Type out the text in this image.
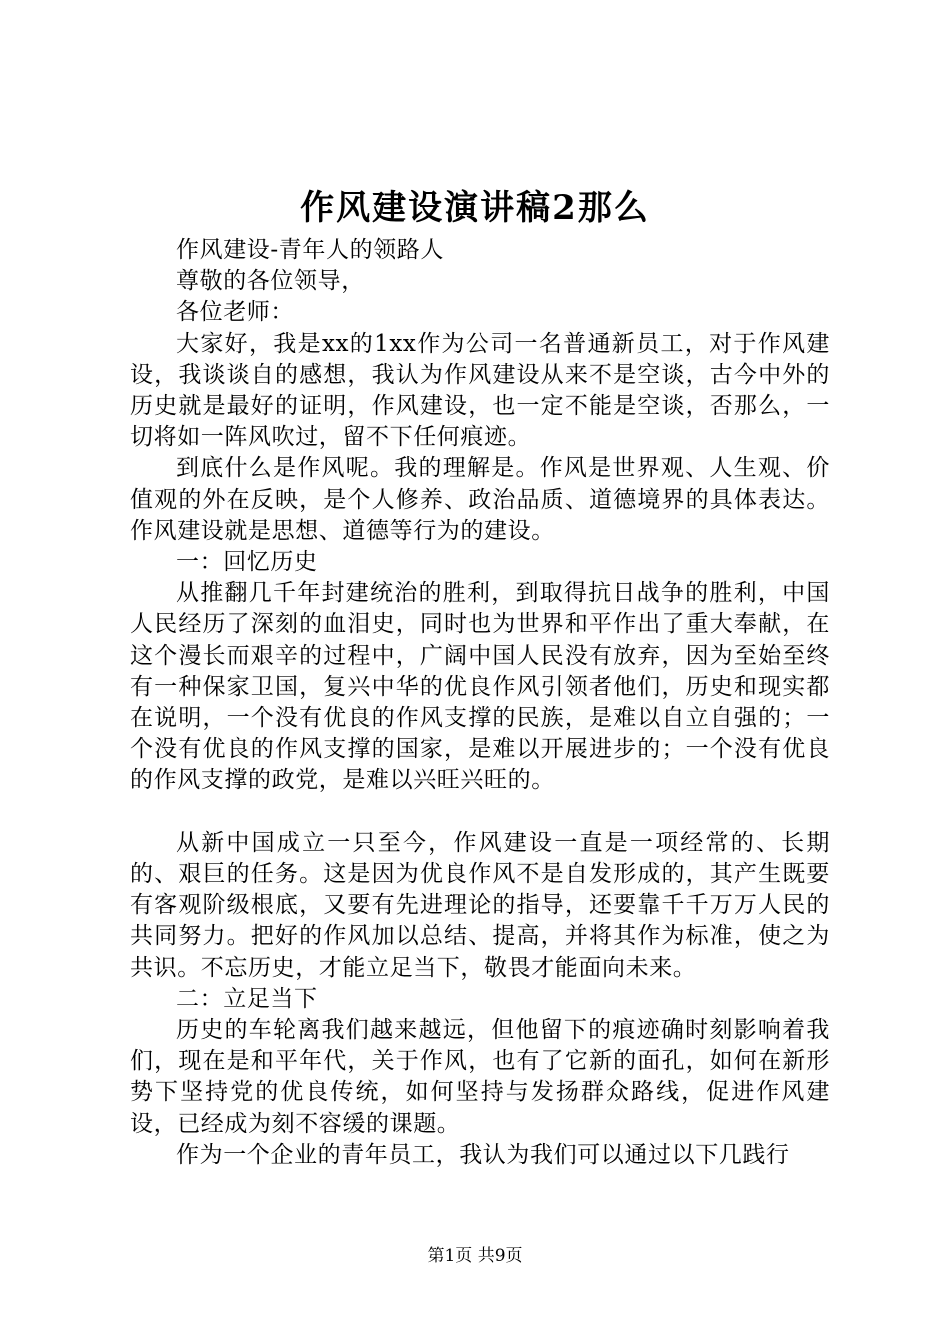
作风建设演讲稿2那么

作风建设-青年人的领路人

尊敬的各位领导，

各位老师：

大家好，我是xx的1xx作为公司一名普通新员工，对于作风建设，我谈谈自的感想，我认为作风建设从来不是空谈，古今中外的历史就是最好的证明，作风建设，也一定不能是空谈，否那么，一切将如一阵风吹过，留不下任何痕迹。

到底什么是作风呢。我的理解是。作风是世界观、人生观、价值观的外在反映，是个人修养、政治品质、道德境界的具体表达。作风建设就是思想、道德等行为的建设。

一：回忆历史

从推翻几千年封建统治的胜利，到取得抗日战争的胜利，中国人民经历了深刻的血泪史，同时也为世界和平作出了重大奉献，在这个漫长而艰辛的过程中，广阔中国人民没有放弃，因为至始至终有一种保家卫国，复兴中华的优良作风引领者他们，历史和现实都在说明，一个没有优良的作风支撑的民族，是难以自立自强的；一个没有优良的作风支撑的国家，是难以开展进步的；一个没有优良的作风支撑的政党，是难以兴旺兴旺的。

从新中国成立一只至今，作风建设一直是一项经常的、长期的、艰巨的任务。这是因为优良作风不是自发形成的，其产生既要有客观阶级根底，又要有先进理论的指导，还要靠千千万万人民的共同努力。把好的作风加以总结、提高，并将其作为标准，使之为共识。不忘历史，才能立足当下，敬畏才能面向未来。

二：立足当下

历史的车轮离我们越来越远，但他留下的痕迹确时刻影响着我们，现在是和平年代，关于作风，也有了它新的面孔，如何在新形势下坚持党的优良传统，如何坚持与发扬群众路线，促进作风建设，已经成为刻不容缓的课题。

作为一个企业的青年员工，我认为我们可以通过以下几践行

第1页 共9页
